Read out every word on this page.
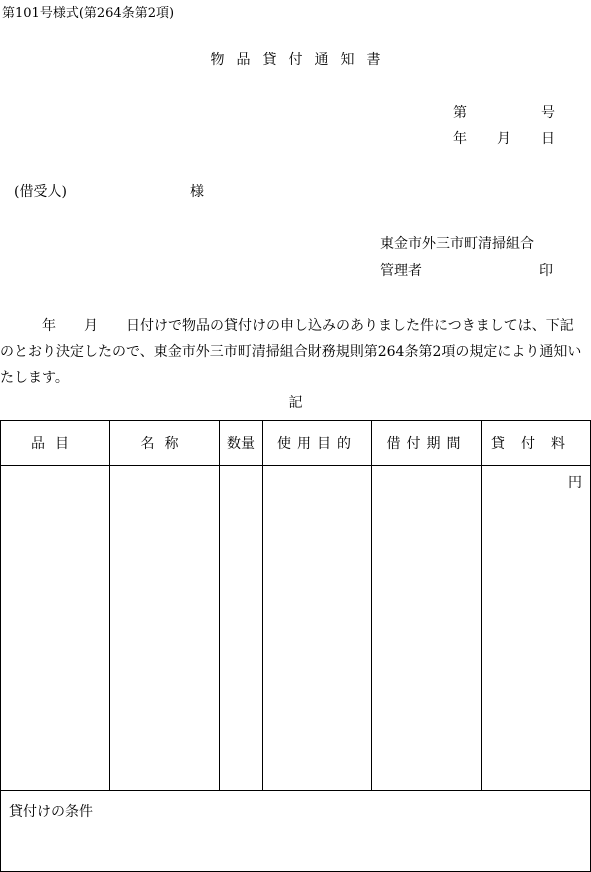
第101号様式(第264条第2項)
物品貸付通知書
第	号
年 月 日
(借受人)	様
東金市外三市町清掃組合
管理者	印
年　　月　　日付けで物品の貸付けの申し込みのありました件につきましては、下記のとおり決定したので、東金市外三市町清掃組合財務規則第264条第2項の規定により通知いたします。
記
品目	名称	数量	使用目的	借付期間	貸付料
					円
貸付けの条件					
